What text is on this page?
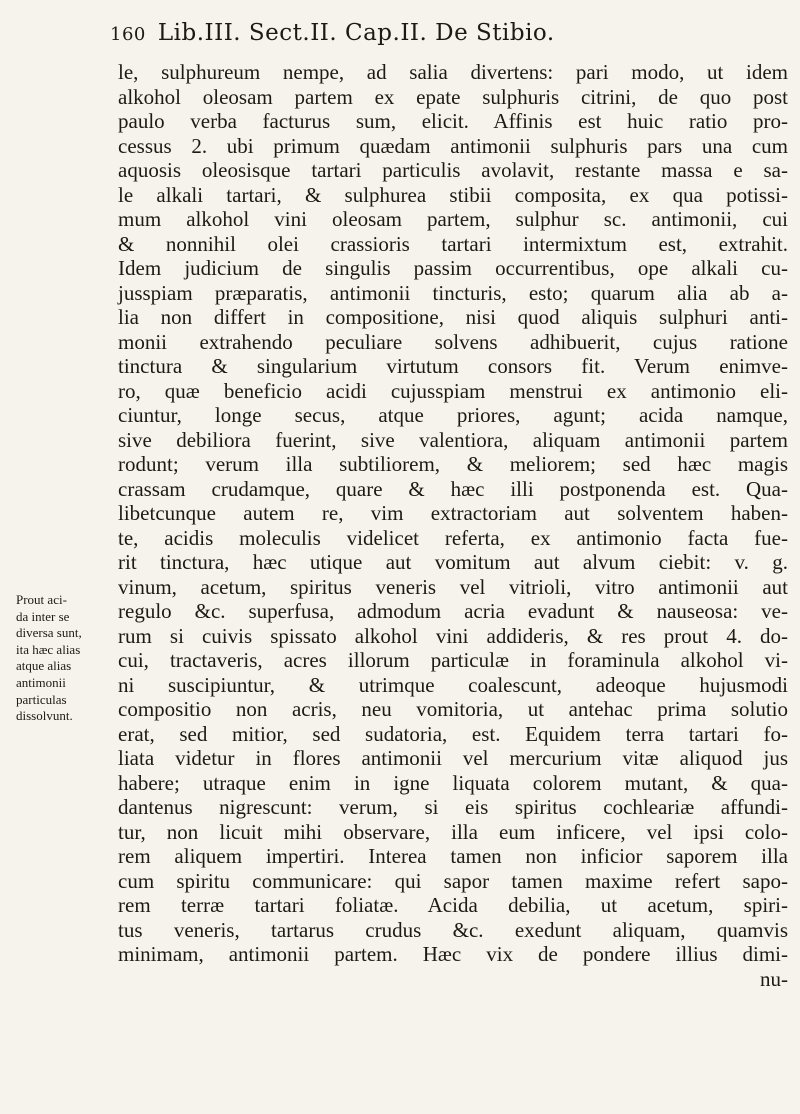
160 Lib.III. Sect.II. Cap.II. De Stibio.
Prout aci-
da inter se
diversa sunt,
ita hæc alias
atque alias
antimonii
particulas
dissolvunt.
le, sulphureum nempe, ad salia divertens: pari modo, ut idem
alkohol oleosam partem ex epate sulphuris citrini, de quo post
paulo verba facturus sum, elicit. Affinis est huic ratio pro-
cessus 2. ubi primum quædam antimonii sulphuris pars una cum
aquosis oleosisque tartari particulis avolavit, restante massa e sa-
le alkali tartari, & sulphurea stibii composita, ex qua potissi-
mum alkohol vini oleosam partem, sulphur sc. antimonii, cui
& nonnihil olei crassioris tartari intermixtum est, extrahit.
Idem judicium de singulis passim occurrentibus, ope alkali cu-
jusspiam præparatis, antimonii tincturis, esto; quarum alia ab a-
lia non differt in compositione, nisi quod aliquis sulphuri anti-
monii extrahendo peculiare solvens adhibuerit, cujus ratione
tinctura & singularium virtutum consors fit. Verum enimve-
ro, quæ beneficio acidi cujusspiam menstrui ex antimonio eli-
ciuntur, longe secus, atque priores, agunt; acida namque,
sive debiliora fuerint, sive valentiora, aliquam antimonii partem
rodunt; verum illa subtiliorem, & meliorem; sed hæc magis
crassam crudamque, quare & hæc illi postponenda est. Qua-
libetcunque autem re, vim extractoriam aut solventem haben-
te, acidis moleculis videlicet referta, ex antimonio facta fue-
rit tinctura, hæc utique aut vomitum aut alvum ciebit: v. g.
vinum, acetum, spiritus veneris vel vitrioli, vitro antimonii aut
regulo &c. superfusa, admodum acria evadunt & nauseosa: ve-
rum si cuivis spissato alkohol vini addideris, & res prout 4. do-
cui, tractaveris, acres illorum particulæ in foraminula alkohol vi-
ni suscipiuntur, & utrimque coalescunt, adeoque hujusmodi
compositio non acris, neu vomitoria, ut antehac prima solutio
erat, sed mitior, sed sudatoria, est. Equidem terra tartari fo-
liata videtur in flores antimonii vel mercurium vitæ aliquod jus
habere; utraque enim in igne liquata colorem mutant, & qua-
dantenus nigrescunt: verum, si eis spiritus cochleariæ affundi-
tur, non licuit mihi observare, illa eum inficere, vel ipsi colo-
rem aliquem impertiri. Interea tamen non inficior saporem illa
cum spiritu communicare: qui sapor tamen maxime refert sapo-
rem terræ tartari foliatæ. Acida debilia, ut acetum, spiri-
tus veneris, tartarus crudus &c. exedunt aliquam, quamvis
minimam, antimonii partem. Hæc vix de pondere illius dimi-
nu-
